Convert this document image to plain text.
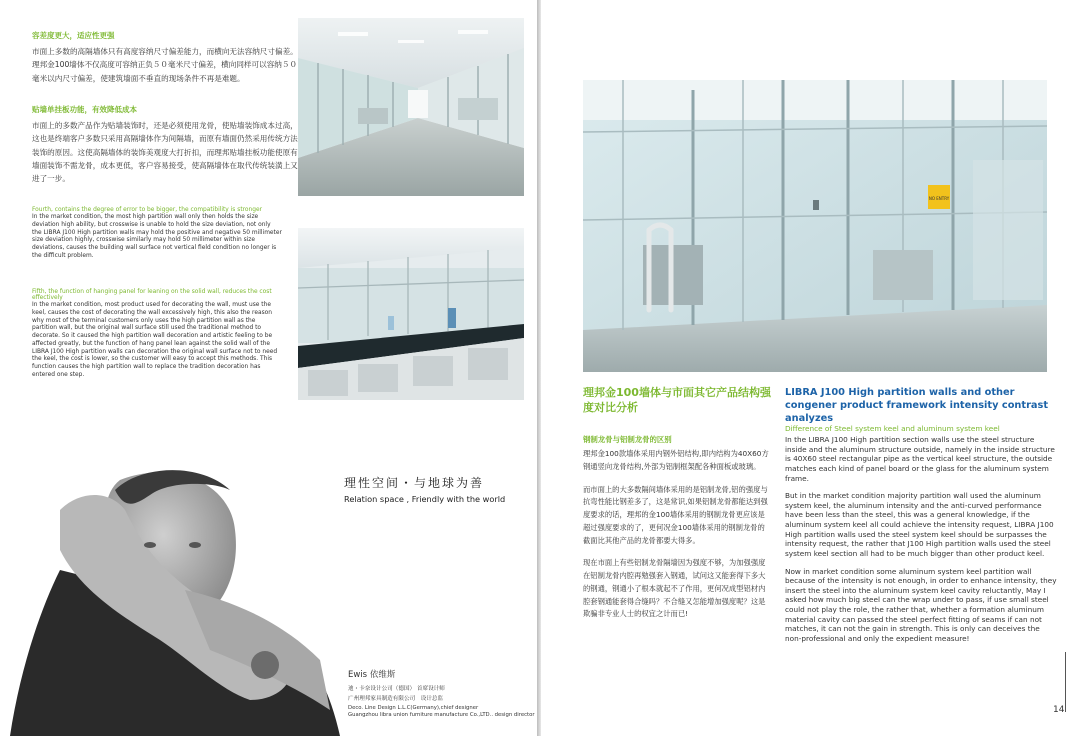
容差度更大，适应性更强

市面上多数的高隔墙体只有高度容纳尺寸偏差能力，而横向无法容纳尺寸偏差。理邦金100墙体不仅高度可容纳正负５０毫米尺寸偏差，横向同样可以容纳５０毫米以内尺寸偏差，使建筑墙面不垂直的现场条件不再是难题。

贴墙单挂板功能，有效降低成本

市面上的多数产品作为贴墙装饰时，还是必须使用龙骨，使贴墙装饰成本过高，这也是终端客户多数只采用高隔墙体作为间隔墙，而原有墙面仍然采用传统方法装饰的原因。这使高隔墙体的装饰美观度大打折扣，而理邦贴墙挂板功能使原有墙面装饰不需龙骨，成本更低，客户容易接受，使高隔墙体在取代传统装潢上又进了一步。

Fourth, contains the degree of error to be bigger, the compatibility is stronger

In the market condition, the most high partition wall only then holds the size deviation high ability, but crosswise is unable to hold the size deviation, not only the LIBRA J100 High partition walls may hold the positive and negative 50 millimeter size deviation highly, crosswise similarly may hold 50 millimeter within size deviations, causes the building wall surface not vertical field condition no longer is the difficult problem.

Fifth, the function of hanging panel for leaning on the solid wall, reduces the cost effectively

In the market condition, most product used for decorating the wall, must use the keel, causes the cost of decorating the wall excessively high, this also the reason why most of the terminal customers only uses the high partition wall as the partition wall, but the original wall surface still used the traditional method to decorate. So it caused the high partition wall decoration and artistic feeling to be affected greatly, but the function of hang panel lean against the solid wall of the LIBRA J100 High partition walls can decoration the original wall surface not to need the keel, the cost is lower, so the customer will easy to accept this methods. This function causes the high partition wall to replace the tradition decoration has entered one step.

理性空间・与地球为善

Relation space , Friendly with the world

Ewis 依维斯

迪・卡奈设计公司（德国） 首席设计师

广州理邦家具制造有限公司　设计总监

Deco. Line Design L.L.C(Germany),chief designer

Guangzhou libra union furniture manufacture Co.,LTD.. design director

NO ENTRY

理邦金100墙体与市面其它产品结构强度对比分析

LIBRA J100 High partition walls and other congener product framework intensity contrast analyzes

钢制龙骨与铝制龙骨的区别

理邦金100款墙体采用内钢外铝结构,即内结构为40X60方钢通竖向龙骨结构,外部为铝制框架配各种面板或玻璃。

而市面上的大多数隔间墙体采用的是铝制龙骨,铝的强度与抗弯性能比钢差多了，这是常识,如果铝制龙骨都能达到强度要求的话，理邦的金100墙体采用的钢制龙骨更应该是超过强度要求的了，更何况金100墙体采用的钢制龙骨的截面比其他产品的龙骨都要大得多。

现在市面上有些铝制龙骨隔墙因为强度不够，为加强强度在铝制龙骨内腔再勉强套入钢通，试问这又能套得下多大的钢通，钢通小了根本就起不了作用，更何况成型铝材内腔套钢通能套得合缝吗？不合缝又怎能增加强度呢？这是欺骗非专业人士的权宜之计而已!

Difference of Steel system keel and aluminum system keel

In the LIBRA J100 High partition section walls use the steel structure inside and the aluminum structure outside, namely in the inside structure is 40X60 steel rectangular pipe as the vertical keel structure, the outside matches each kind of panel board or the glass for the aluminum system frame.

But in the market condition majority partition wall used the aluminum system keel, the aluminum intensity and the anti-curved performance have been less than the steel, this was a general knowledge, if the aluminum system keel all could achieve the intensity request, LIBRA J100 High partition walls used the steel system keel should be surpasses the intensity request, the rather that J100 High partition walls used the steel system keel section all had to be much bigger than other product keel.

Now in market condition some aluminum system keel partition wall because of the intensity is not enough, in order to enhance intensity, they insert the steel into the aluminum system keel cavity reluctantly, May I asked how much big steel can the wrap under to pass, if use small steel could not play the role, the rather that, whether a formation aluminum material cavity can passed the steel perfect fitting of seams if can not matches, it can not the gain in strength. This is only can deceives the non-professional and only the expedient measure!

14
